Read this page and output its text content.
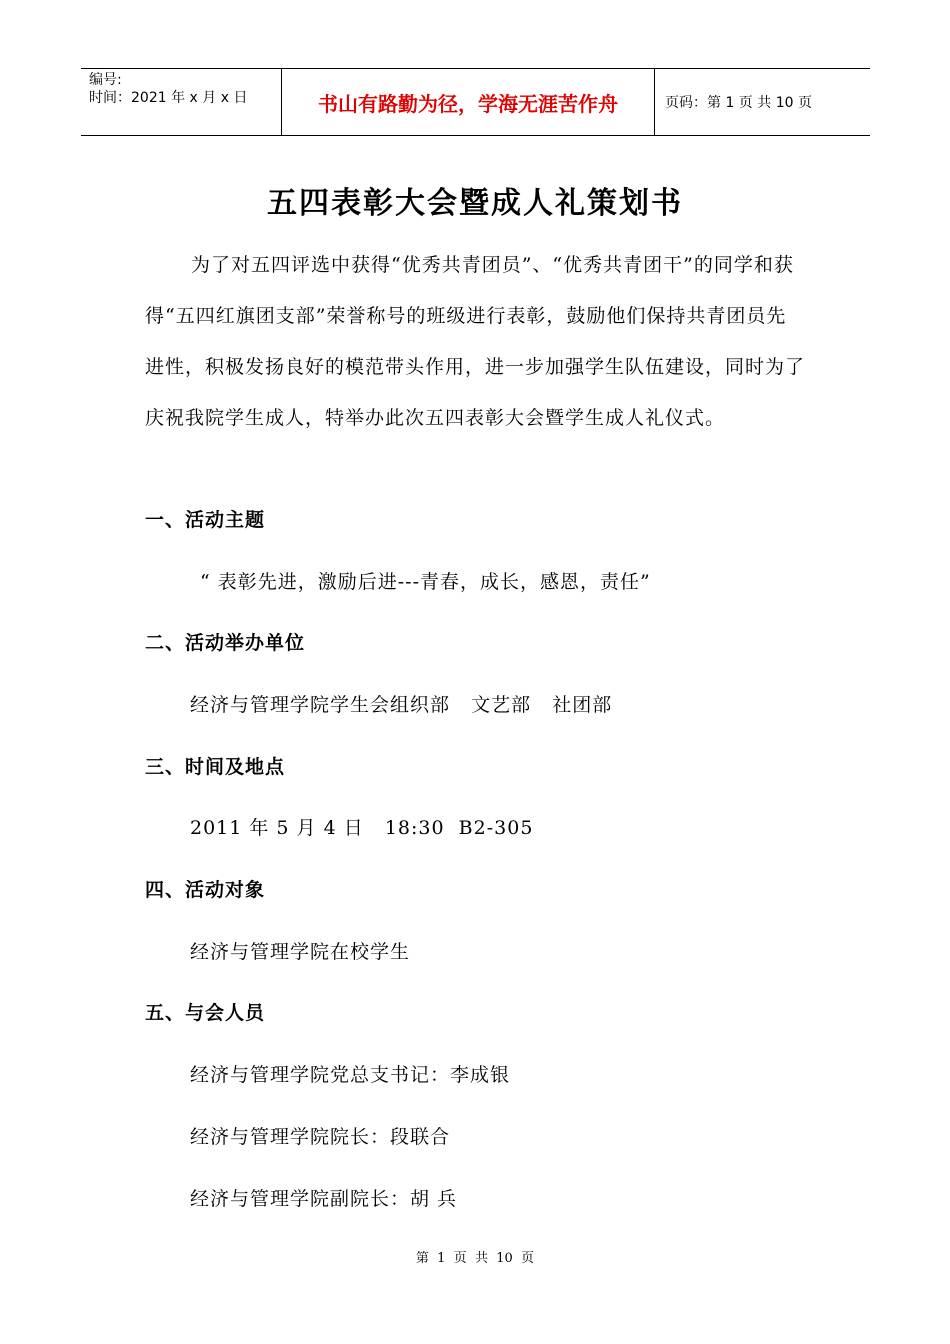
编号:
时间：2021 年 x 月 x 日	书山有路勤为径，学海无涯苦作舟	页码：第 1 页 共 10 页
五四表彰大会暨成人礼策划书
为了对五四评选中获得“优秀共青团员”、“优秀共青团干”的同学和获得“五四红旗团支部”荣誉称号的班级进行表彰，鼓励他们保持共青团员先进性，积极发扬良好的模范带头作用，进一步加强学生队伍建设，同时为了庆祝我院学生成人，特举办此次五四表彰大会暨学生成人礼仪式。
一、活动主题
“ 表彰先进，激励后进---青春，成长，感恩，责任”
二、活动举办单位
经济与管理学院学生会组织部   文艺部   社团部
三、时间及地点
2011 年 5 月 4 日   18:30  B2-305
四、活动对象
经济与管理学院在校学生
五、与会人员
经济与管理学院党总支书记：李成银
经济与管理学院院长：段联合
经济与管理学院副院长：胡 兵
第  1  页  共  10  页
